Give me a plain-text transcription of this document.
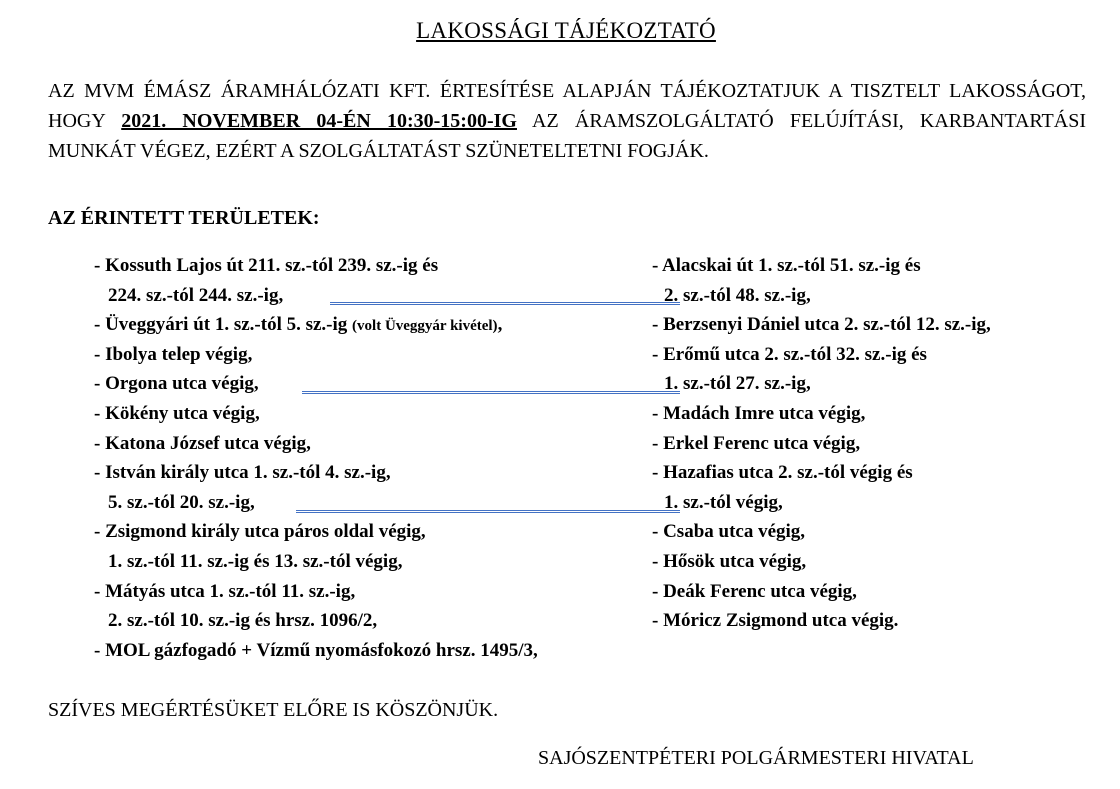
LAKOSSÁGI TÁJÉKOZTATÓ
AZ MVM ÉMÁSZ ÁRAMHÁLÓZATI KFT. ÉRTESÍTÉSE ALAPJÁN TÁJÉKOZTATJUK A TISZTELT LAKOSSÁGOT, HOGY 2021. NOVEMBER 04-ÉN 10:30-15:00-IG AZ ÁRAMSZOLGÁLTATÓ FELÚJÍTÁSI, KARBANTARTÁSI MUNKÁT VÉGEZ, EZÉRT A SZOLGÁLTATÁST SZÜNETELTETNI FOGJÁK.
AZ ÉRINTETT TERÜLETEK:
- Kossuth Lajos út 211. sz.-tól 239. sz.-ig és
224. sz.-tól 244. sz.-ig,
- Üveggyári út 1. sz.-tól 5. sz.-ig (volt Üveggyár kivétel),
- Ibolya telep végig,
- Orgona utca végig,
- Kökény utca végig,
- Katona József utca végig,
- István király utca 1. sz.-tól 4. sz.-ig,
5. sz.-tól 20. sz.-ig,
- Zsigmond király utca páros oldal végig,
1. sz.-tól 11. sz.-ig és 13. sz.-tól végig,
- Mátyás utca 1. sz.-tól 11. sz.-ig,
2. sz.-tól 10. sz.-ig és hrsz. 1096/2,
- MOL gázfogadó + Vízmű nyomásfokozó hrsz. 1495/3,
- Alacskai út 1. sz.-tól 51. sz.-ig és
2. sz.-tól 48. sz.-ig,
- Berzsenyi Dániel utca 2. sz.-tól 12. sz.-ig,
- Erőmű utca 2. sz.-tól 32. sz.-ig és
1. sz.-tól 27. sz.-ig,
- Madách Imre utca végig,
- Erkel Ferenc utca végig,
- Hazafias utca 2. sz.-tól végig és
1. sz.-tól végig,
- Csaba utca végig,
- Hősök utca végig,
- Deák Ferenc utca végig,
- Móricz Zsigmond utca végig.
SZÍVES MEGÉRTÉSÜKET ELŐRE IS KÖSZÖNJÜK.
SAJÓSZENTPÉTERI POLGÁRMESTERI HIVATAL
